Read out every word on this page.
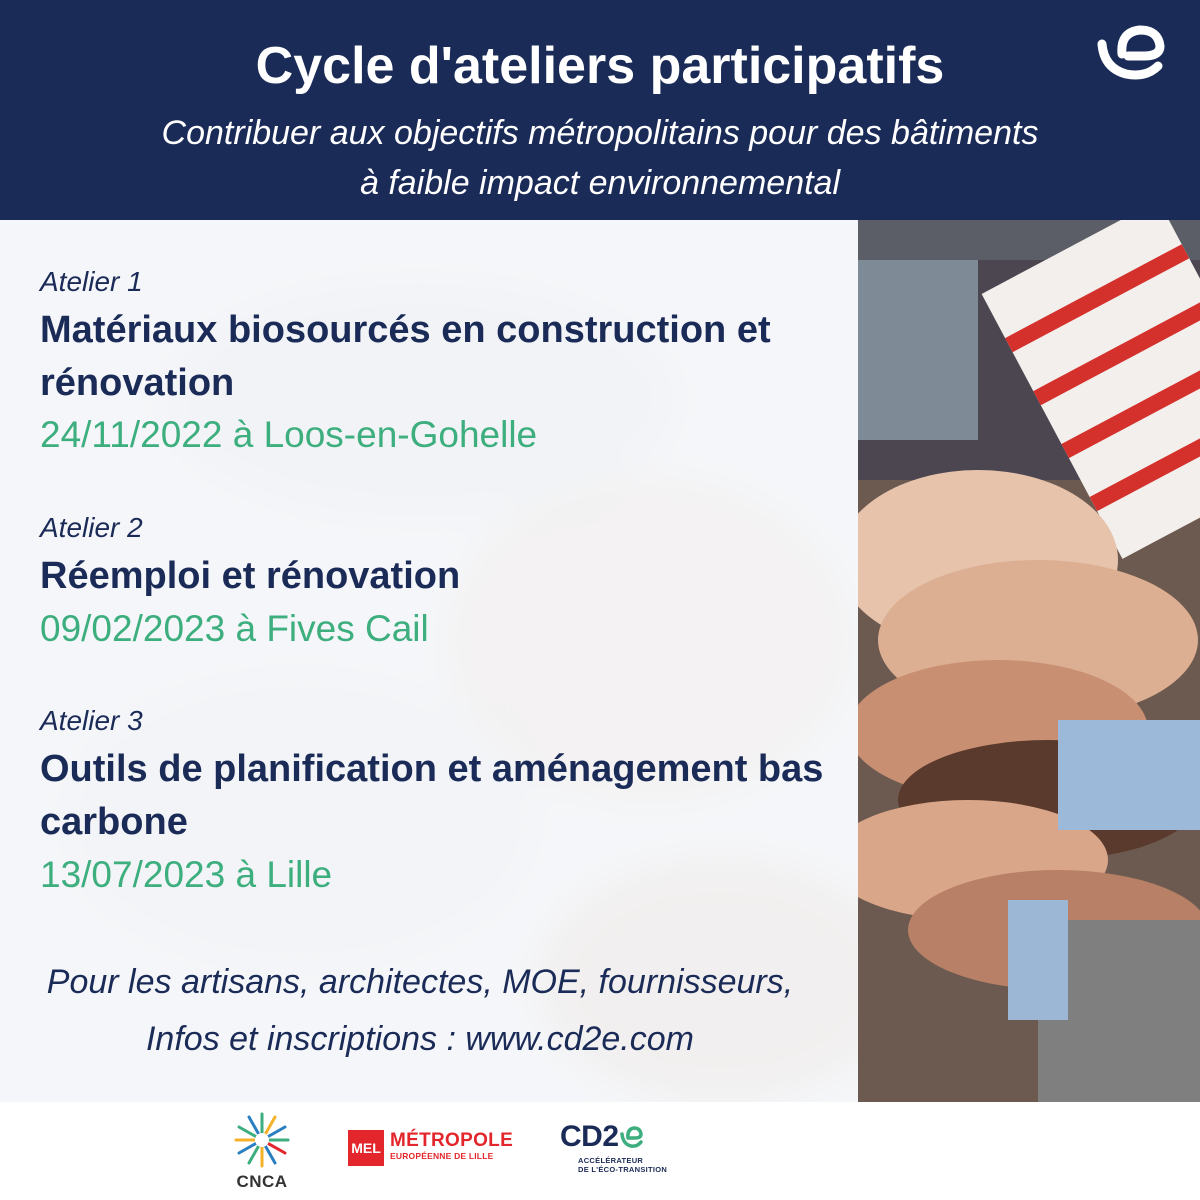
Cycle d'ateliers participatifs
Contribuer aux objectifs métropolitains pour des bâtiments à faible impact environnemental
Atelier 1
Matériaux biosourcés en construction et rénovation
24/11/2022 à Loos-en-Gohelle
Atelier 2
Réemploi et rénovation
09/02/2023 à Fives Cail
Atelier 3
Outils de planification et aménagement bas carbone
13/07/2023 à Lille
Pour les artisans, architectes, MOE, fournisseurs,
Infos et inscriptions : www.cd2e.com
CNCA
MEL MÉTROPOLE
EUROPÉENNE DE LILLE
CD2
ACCÉLÉRATEUR
DE L'ÉCO-TRANSITION
